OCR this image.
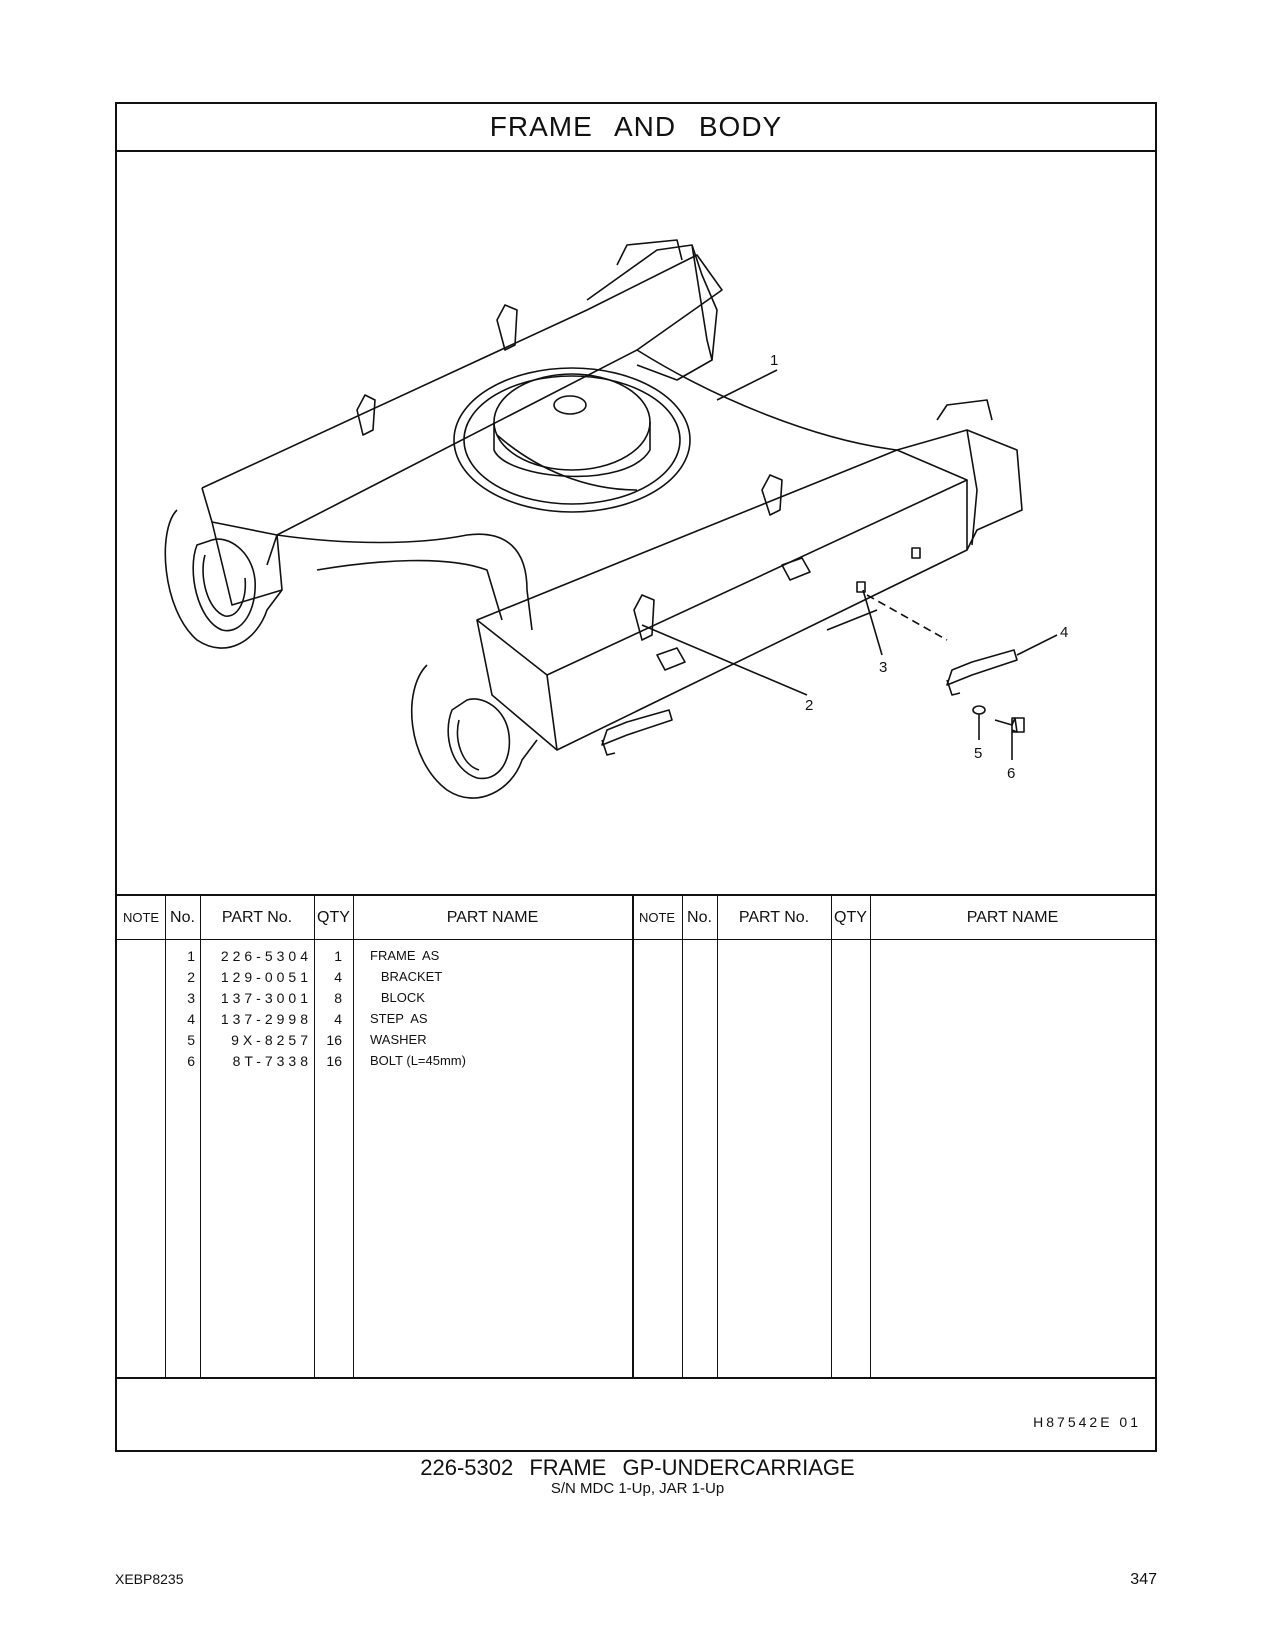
FRAME AND BODY
1
2
3
4
5
6
NOTE No.	PART No.	QTY	PART NAME	NOTE No.	PART No.	QTY	PART NAME
1	226-5304	1 FRAME  AS
2	129-0051	4 BRACKET
3	137-3001	8 BLOCK
4	137-2998	4 STEP  AS
5	9X-8257	16 WASHER
6	8T-7338	16 BOLT (L=45mm)
H87542E 01
226-5302 FRAME GP-UNDERCARRIAGE
S/N MDC 1-Up, JAR 1-Up
XEBP8235	347
